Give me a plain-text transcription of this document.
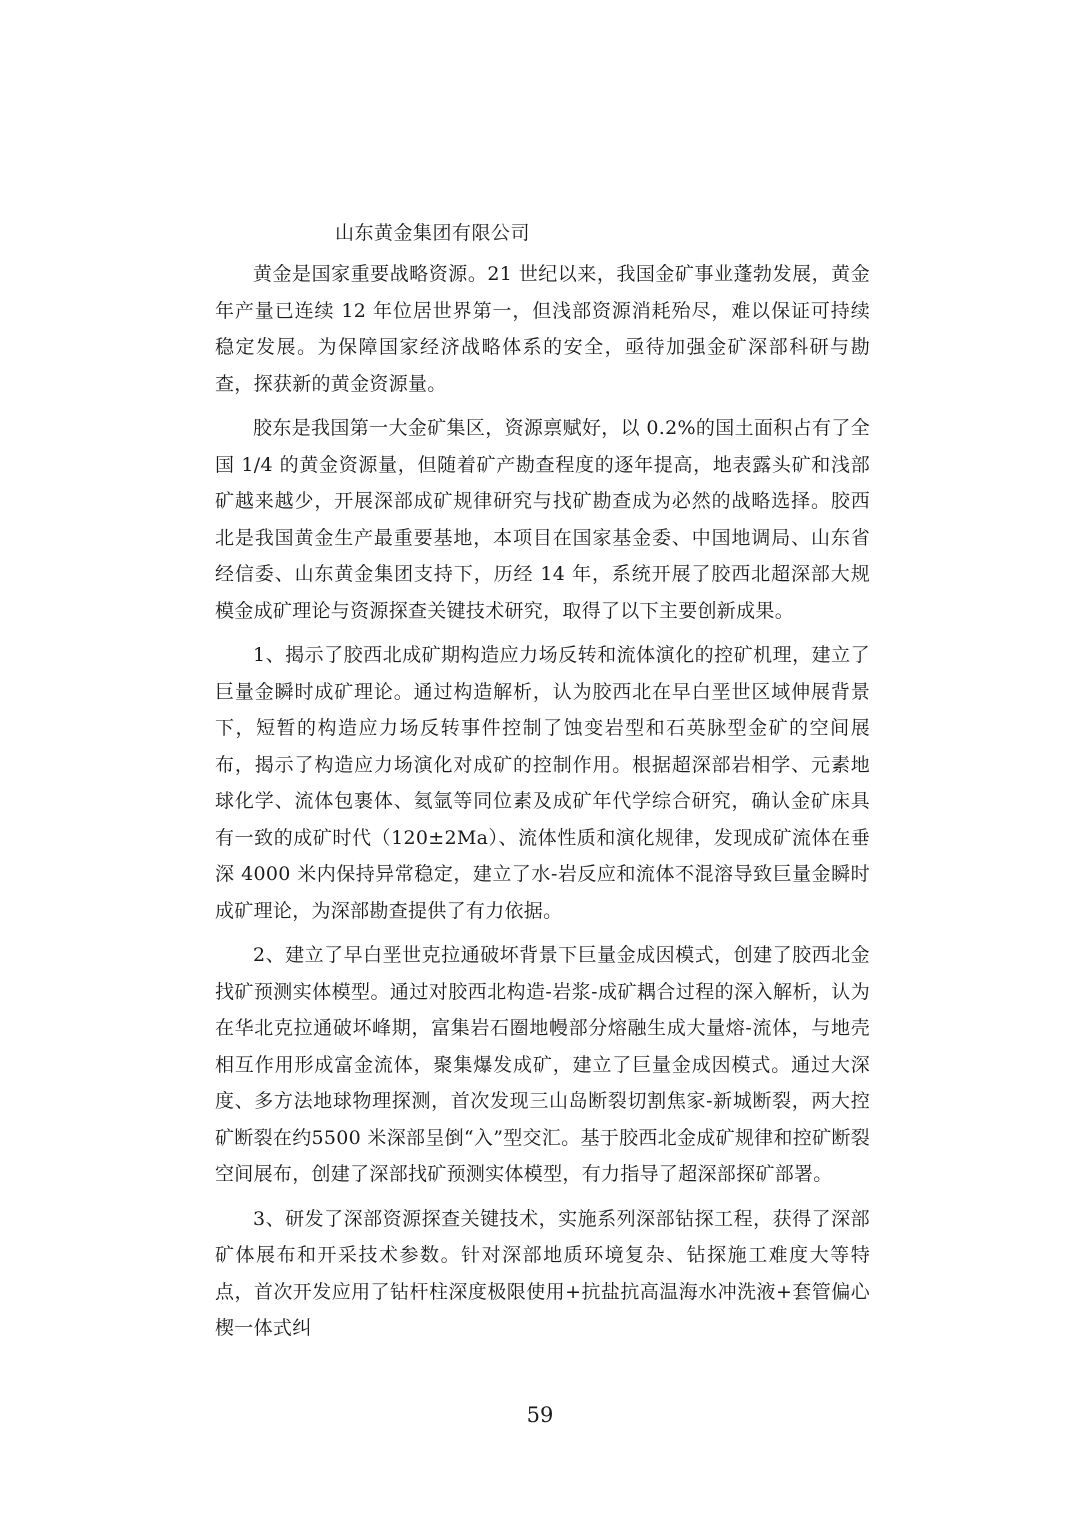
山东黄金集团有限公司

黄金是国家重要战略资源。21 世纪以来，我国金矿事业蓬勃发展，黄金年产量已连续 12 年位居世界第一，但浅部资源消耗殆尽，难以保证可持续稳定发展。为保障国家经济战略体系的安全，亟待加强金矿深部科研与勘查，探获新的黄金资源量。

胶东是我国第一大金矿集区，资源禀赋好，以 0.2%的国土面积占有了全国 1/4 的黄金资源量，但随着矿产勘查程度的逐年提高，地表露头矿和浅部矿越来越少，开展深部成矿规律研究与找矿勘查成为必然的战略选择。胶西北是我国黄金生产最重要基地，本项目在国家基金委、中国地调局、山东省经信委、山东黄金集团支持下，历经 14 年，系统开展了胶西北超深部大规模金成矿理论与资源探查关键技术研究，取得了以下主要创新成果。

1、揭示了胶西北成矿期构造应力场反转和流体演化的控矿机理，建立了巨量金瞬时成矿理论。通过构造解析，认为胶西北在早白垩世区域伸展背景下，短暂的构造应力场反转事件控制了蚀变岩型和石英脉型金矿的空间展布，揭示了构造应力场演化对成矿的控制作用。根据超深部岩相学、元素地球化学、流体包裹体、氦氩等同位素及成矿年代学综合研究，确认金矿床具有一致的成矿时代（120±2Ma）、流体性质和演化规律，发现成矿流体在垂深 4000 米内保持异常稳定，建立了水-岩反应和流体不混溶导致巨量金瞬时成矿理论，为深部勘查提供了有力依据。

2、建立了早白垩世克拉通破坏背景下巨量金成因模式，创建了胶西北金找矿预测实体模型。通过对胶西北构造-岩浆-成矿耦合过程的深入解析，认为在华北克拉通破坏峰期，富集岩石圈地幔部分熔融生成大量熔-流体，与地壳相互作用形成富金流体，聚集爆发成矿，建立了巨量金成因模式。通过大深度、多方法地球物理探测，首次发现三山岛断裂切割焦家-新城断裂，两大控矿断裂在约5500 米深部呈倒“入”型交汇。基于胶西北金成矿规律和控矿断裂空间展布，创建了深部找矿预测实体模型，有力指导了超深部探矿部署。

3、研发了深部资源探查关键技术，实施系列深部钻探工程，获得了深部矿体展布和开采技术参数。针对深部地质环境复杂、钻探施工难度大等特点，首次开发应用了钻杆柱深度极限使用+抗盐抗高温海水冲洗液+套管偏心楔一体式纠

59
